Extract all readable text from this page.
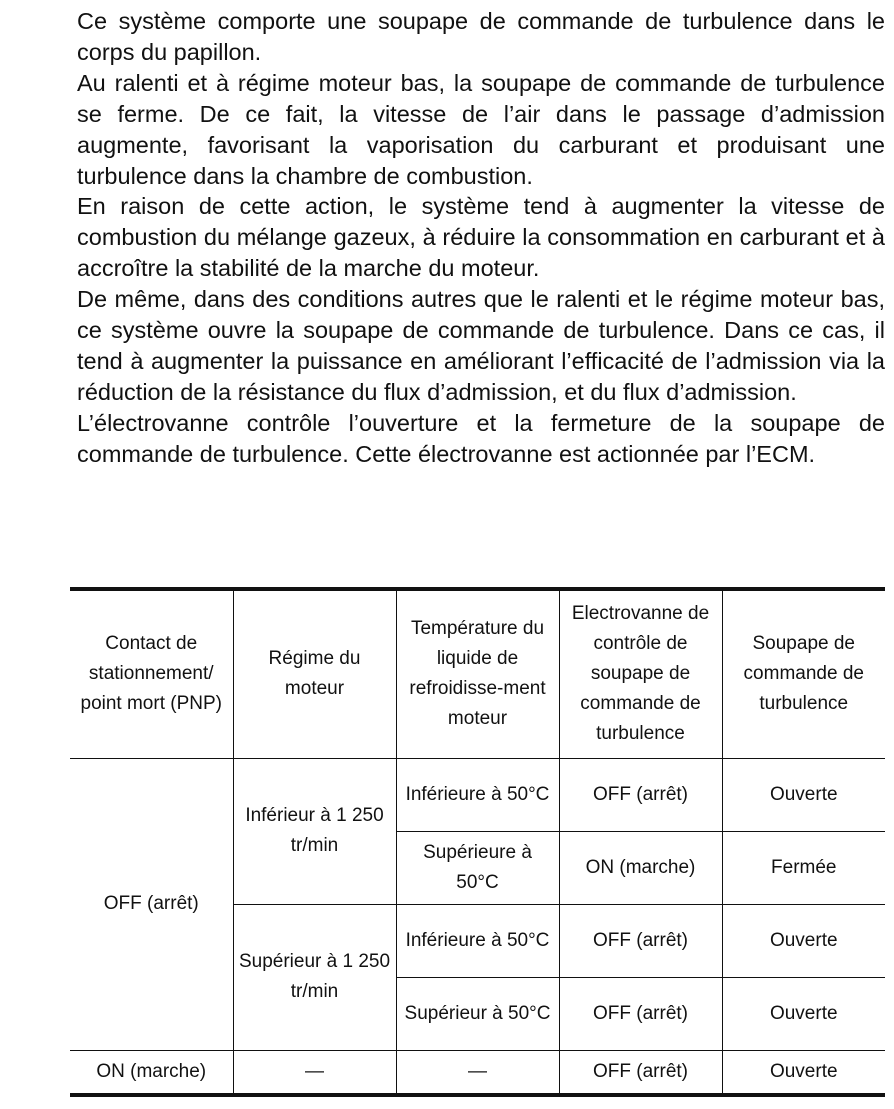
Ce système comporte une soupape de commande de turbulence dans le corps du papillon.

Au ralenti et à régime moteur bas, la soupape de commande de turbulence se ferme. De ce fait, la vitesse de l’air dans le passage d’admission augmente, favorisant la vaporisation du carburant et produisant une turbulence dans la chambre de combustion.

En raison de cette action, le système tend à augmenter la vitesse de combustion du mélange gazeux, à réduire la consommation en carburant et à accroître la stabilité de la marche du moteur.

De même, dans des conditions autres que le ralenti et le régime moteur bas, ce système ouvre la soupape de commande de turbulence. Dans ce cas, il tend à augmenter la puissance en améliorant l’efficacité de l’admission via la réduction de la résistance du flux d’admission, et du flux d’admission.

L’électrovanne contrôle l’ouverture et la fermeture de la soupape de commande de turbulence. Cette électrovanne est actionnée par l’ECM.

Contact de stationnement/ point mort (PNP)	Régime du moteur	Température du liquide de refroidisse-ment moteur	Electrovanne de contrôle de soupape de commande de turbulence	Soupape de commande de turbulence
OFF (arrêt)	Inférieur à 1 250 tr/min	Inférieure à 50°C	OFF (arrêt)	Ouverte
		Supérieure à 50°C	ON (marche)	Fermée
	Supérieur à 1 250 tr/min	Inférieure à 50°C	OFF (arrêt)	Ouverte
		Supérieur à 50°C	OFF (arrêt)	Ouverte
ON (marche)	—	—	OFF (arrêt)	Ouverte
